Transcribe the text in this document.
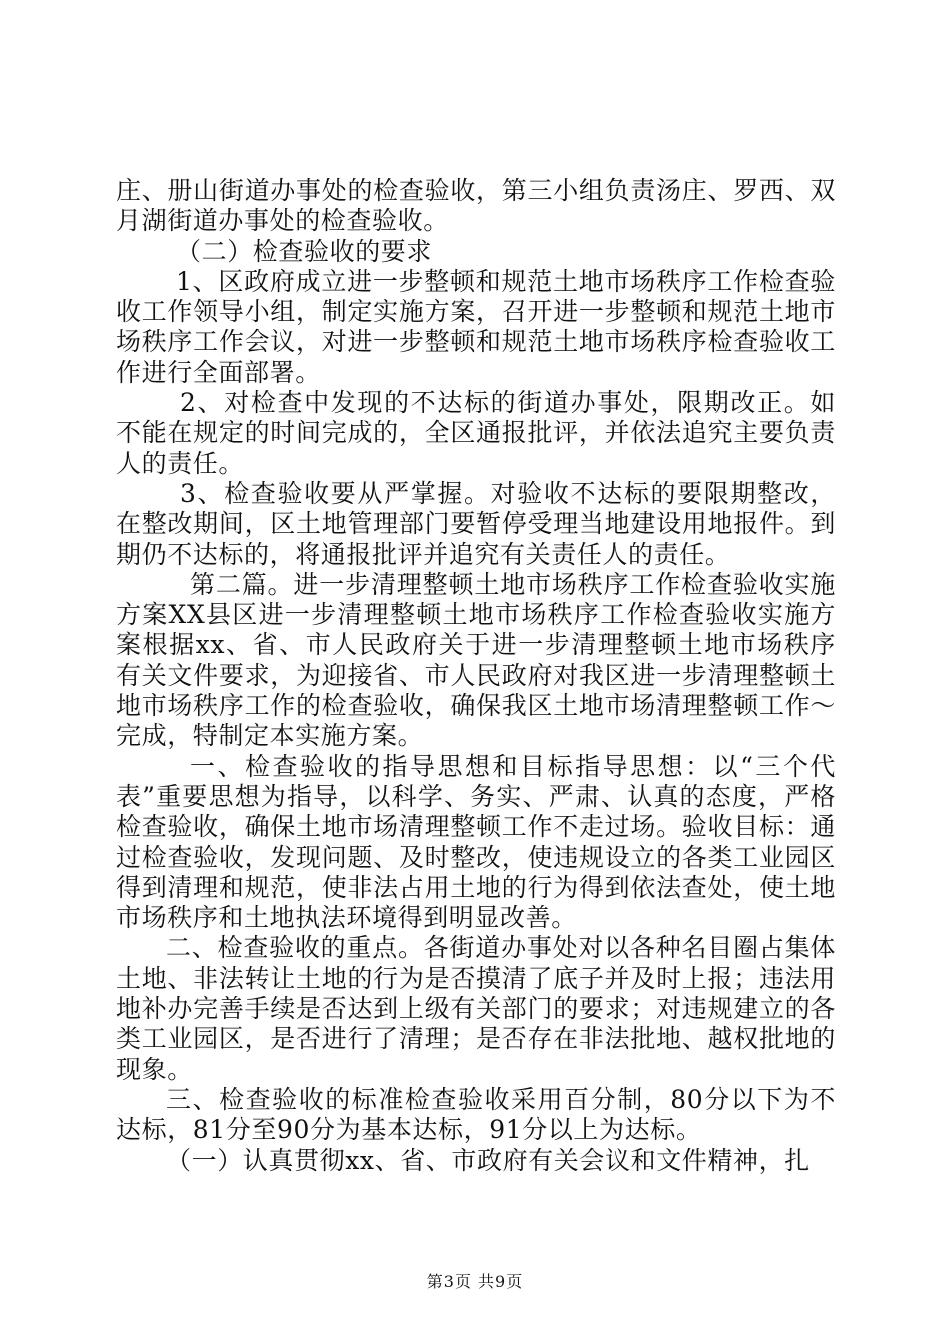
庄、册山街道办事处的检查验收，第三小组负责汤庄、罗西、双月湖街道办事处的检查验收。

（二）检查验收的要求

1、区政府成立进一步整顿和规范土地市场秩序工作检查验收工作领导小组，制定实施方案，召开进一步整顿和规范土地市场秩序工作会议，对进一步整顿和规范土地市场秩序检查验收工作进行全面部署。

2、对检查中发现的不达标的街道办事处，限期改正。如不能在规定的时间完成的，全区通报批评，并依法追究主要负责人的责任。

3、检查验收要从严掌握。对验收不达标的要限期整改，在整改期间，区土地管理部门要暂停受理当地建设用地报件。到期仍不达标的，将通报批评并追究有关责任人的责任。

第二篇。进一步清理整顿土地市场秩序工作检查验收实施方案XX县区进一步清理整顿土地市场秩序工作检查验收实施方案根据xx、省、市人民政府关于进一步清理整顿土地市场秩序有关文件要求，为迎接省、市人民政府对我区进一步清理整顿土地市场秩序工作的检查验收，确保我区土地市场清理整顿工作～完成，特制定本实施方案。

一、检查验收的指导思想和目标指导思想：以“三个代表”重要思想为指导，以科学、务实、严肃、认真的态度，严格检查验收，确保土地市场清理整顿工作不走过场。验收目标：通过检查验收，发现问题、及时整改，使违规设立的各类工业园区得到清理和规范，使非法占用土地的行为得到依法查处，使土地市场秩序和土地执法环境得到明显改善。

二、检查验收的重点。各街道办事处对以各种名目圈占集体土地、非法转让土地的行为是否摸清了底子并及时上报；违法用地补办完善手续是否达到上级有关部门的要求；对违规建立的各类工业园区，是否进行了清理；是否存在非法批地、越权批地的现象。

三、检查验收的标准检查验收采用百分制，80分以下为不达标，81分至90分为基本达标，91分以上为达标。

（一）认真贯彻xx、省、市政府有关会议和文件精神，扎

第3页 共9页
